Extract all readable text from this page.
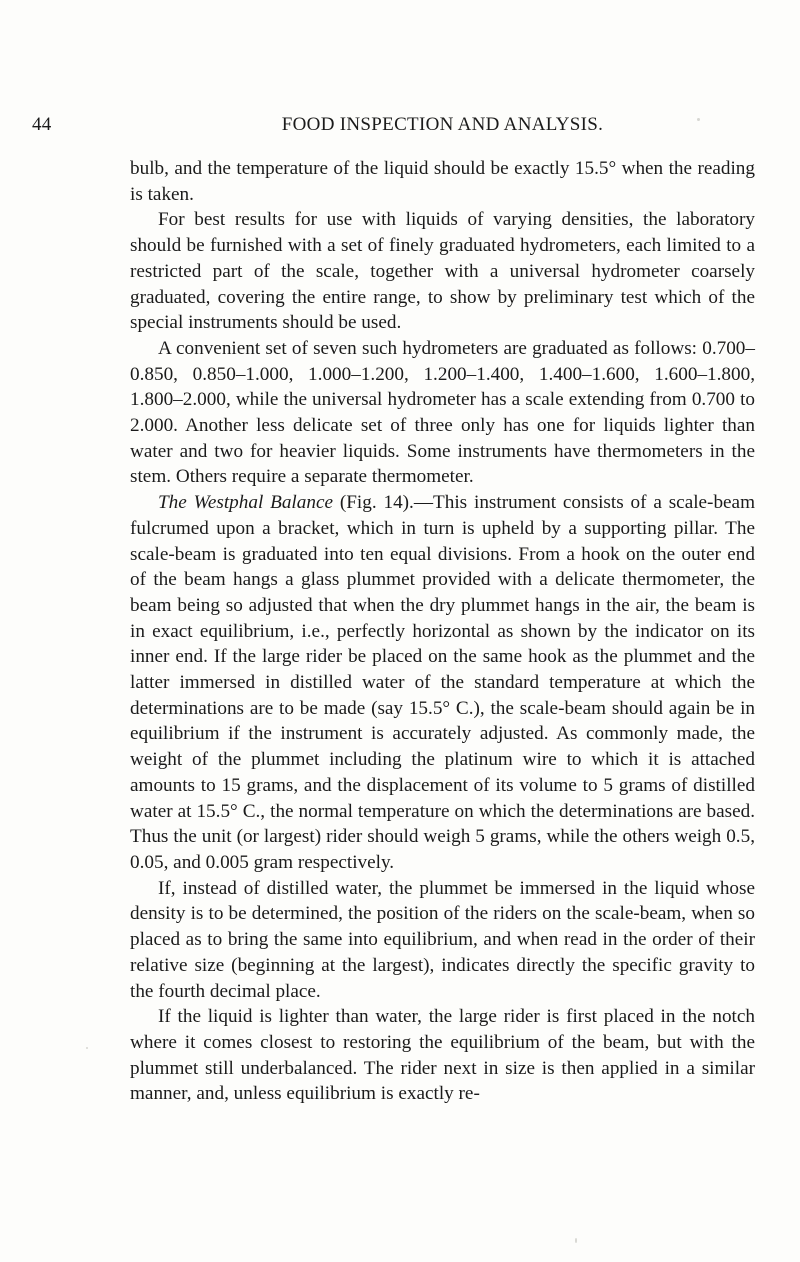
44	FOOD INSPECTION AND ANALYSIS.

bulb, and the temperature of the liquid should be exactly 15.5° when the reading is taken.

For best results for use with liquids of varying densities, the laboratory should be furnished with a set of finely graduated hydrometers, each limited to a restricted part of the scale, together with a universal hydrometer coarsely graduated, covering the entire range, to show by preliminary test which of the special instruments should be used.

A convenient set of seven such hydrometers are graduated as follows: 0.700–0.850, 0.850–1.000, 1.000–1.200, 1.200–1.400, 1.400–1.600, 1.600–1.800, 1.800–2.000, while the universal hydrometer has a scale extending from 0.700 to 2.000. Another less delicate set of three only has one for liquids lighter than water and two for heavier liquids. Some instruments have thermometers in the stem. Others require a separate thermometer.

The Westphal Balance (Fig. 14).—This instrument consists of a scale-beam fulcrumed upon a bracket, which in turn is upheld by a supporting pillar. The scale-beam is graduated into ten equal divisions. From a hook on the outer end of the beam hangs a glass plummet provided with a delicate thermometer, the beam being so adjusted that when the dry plummet hangs in the air, the beam is in exact equilibrium, i.e., perfectly horizontal as shown by the indicator on its inner end. If the large rider be placed on the same hook as the plummet and the latter immersed in distilled water of the standard temperature at which the determinations are to be made (say 15.5° C.), the scale-beam should again be in equilibrium if the instrument is accurately adjusted. As commonly made, the weight of the plummet including the platinum wire to which it is attached amounts to 15 grams, and the displacement of its volume to 5 grams of distilled water at 15.5° C., the normal temperature on which the determinations are based. Thus the unit (or largest) rider should weigh 5 grams, while the others weigh 0.5, 0.05, and 0.005 gram respectively.

If, instead of distilled water, the plummet be immersed in the liquid whose density is to be determined, the position of the riders on the scale-beam, when so placed as to bring the same into equilibrium, and when read in the order of their relative size (beginning at the largest), indicates directly the specific gravity to the fourth decimal place.

If the liquid is lighter than water, the large rider is first placed in the notch where it comes closest to restoring the equilibrium of the beam, but with the plummet still underbalanced. The rider next in size is then applied in a similar manner, and, unless equilibrium is exactly re-
